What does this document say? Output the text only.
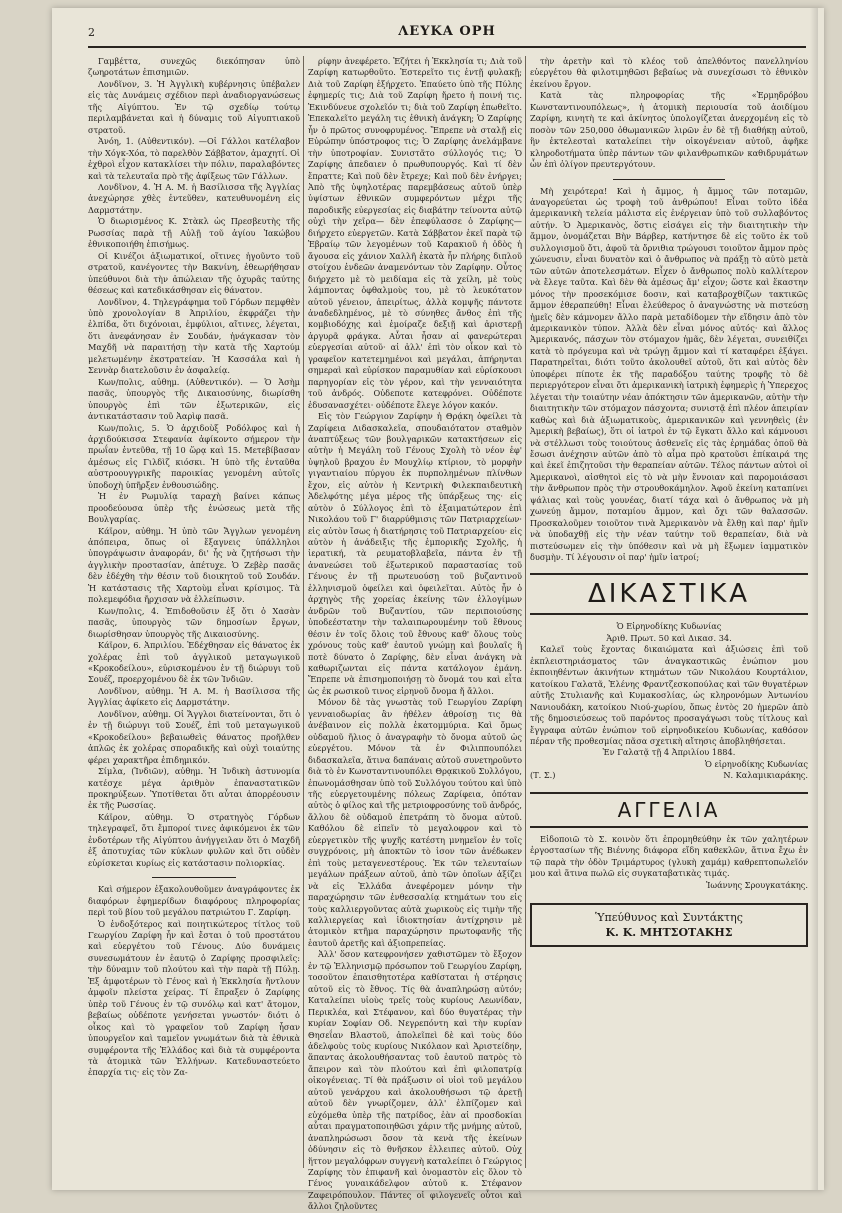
2	ΛΕΥΚΑ ΟΡΗ

Γαμβέττα, συνεχῶς διεκόπησαν ὑπὸ ζωηροτάτων ἐπισημιῶν.

Λονδῖνον, 3. Ἡ Ἀγγλικὴ κυβέρνησις ὑπέβαλεν εἰς τὰς Δυνάμεις σχέδιον περὶ ἀναδιοργανώσεως τῆς Αἰγύπτου. Ἐν τῷ σχεδίῳ τούτῳ περιλαμβάνεται καὶ ἡ δύναμις τοῦ Αἰγυπτιακοῦ στρατοῦ.

Ἀνόη, 1. (Αὐθεντικόν). —Οἱ Γάλλοι κατέλαβον τὴν Χόγκ-Χόα, τὸ παρελθὸν Σάββατον, ἀμαχητί. Οἱ ἐχθροὶ εἶχον κατακλίσει τὴν πόλιν, παραλαβόντες καὶ τὰ τελευταῖα πρὸ τῆς ἀφίξεως τῶν Γάλλων.

Λονδῖνον, 4. Ἡ Α. Μ. ἡ Βασίλισσα τῆς Ἀγγλίας ἀνεχώρησε χθὲς ἐντεῦθεν, κατευθυνομένη εἰς Δαρμστάτην.

Ὁ διωρισμένος Κ. Στὰκλ ὡς Πρεσβευτὴς τῆς Ρωσσίας παρὰ τῇ Αὐλῇ τοῦ ἁγίου Ἰακώβου ἐθνικοποιήθη ἐπισήμως.

Οἱ Κινέζοι ἀξιωματικοί, οἵτινες ἡγοῦντο τοῦ στρατοῦ, κανέγοντες τὴν Βακνίνη, ἐθεωρήθησαν ὑπεύθυνοι διὰ τὴν ἀπώλειαν τῆς ὀχυρᾶς ταύτης θέσεως καὶ κατεδικάσθησαν εἰς θάνατον.

Λονδῖνον, 4. Τηλεγράφημα τοῦ Γόρδων πεμφθὲν ὑπὸ χρονολογίαν 8 Ἀπριλίου, ἐκφράζει τὴν ἐλπίδα, ὅτι διχόνοιαι, ἐμφύλιοι, αἵτινες, λέγεται, ὅτι ἀνεφάνησαν ἐν Σουδάν, ἠνάγκασαν τὸν Μαχδῆ νὰ παραιτήσῃ τὴν κατὰ τῆς Χαρτούμ μελετωμένην ἐκστρατείαν. Ἡ Κασσάλα καὶ ἡ Σεννὰρ διατελοῦσιν ἐν ἀσφαλείᾳ.

Κων/πολις, αὐθημ. (Αὐθεντικόν). — Ὁ Ἀσὴμ πασᾶς, ὑπουργὸς τῆς Δικαιοσύνης, διωρίσθη ὑπουργὸς ἐπὶ τῶν ἐξωτερικῶν, εἰς ἀντικατάστασιν τοῦ Ἀαρὶφ πασᾶ.

Κων/πολις, 5. Ὁ ἀρχιδοὺξ Ροδόλφος καὶ ἡ ἀρχιδούκισσα Στεφανία ἀφίκοντο σήμερον τὴν πρωΐαν ἐντεῦθα, τῇ 10 ὥρᾳ καὶ 15. Μετεβίβασαν ἀμέσως εἰς Γιλδὶζ κιόσκι. Ἡ ὑπὸ τῆς ἐνταῦθα αὐστροουγγρικῆς παροικίας γενομένη αὐτοῖς ὑποδοχὴ ὑπῆρξεν ἐνθουσιώδης.

Ἡ ἐν Ρωμυλίᾳ ταραχὴ βαίνει κάπως προοδεύουσα ὑπὲρ τῆς ἑνώσεως μετὰ τῆς Βουλγαρίας.

Κάϊρον, αὐθημ. Ἡ ὑπὸ τῶν Ἄγγλων γενομένη ἀπόπειρα, ὅπως οἱ ἔξαγνεις ὑπάλληλοι ὑπογράψωσιν ἀναφοράν, δι' ἧς νὰ ζητήσωσι τὴν ἀγγλικὴν προστασίαν, ἀπέτυχε. Ὁ Ζεβὲρ πασᾶς δὲν ἐδέχθη τὴν θέσιν τοῦ διοικητοῦ τοῦ Σουδάν. Ἡ κατάστασις τῆς Χαρτοὺμ εἶναι κρίσιμος. Τὰ πολεμεφόδια ἤρχισαν νὰ ἐλλείπωσιν.

Κων/πολις, 4. Ἐπιδοθοῦσιν ἐξ ὅτι ὁ Χασὰν πασᾶς, ὑπουργὸς τῶν δημοσίων ἔργων, διωρίσθησαν ὑπουργὸς τῆς Δικαιοσύνης.

Κάϊρον, 6. Ἀπριλίου. Ἐδέχθησαν εἰς θάνατος ἐκ χολέρας ἐπὶ τοῦ ἀγγλικοῦ μεταγωγικοῦ «Κροκοδείλου», εὑρισκομένου ἐν τῇ διώρυγι τοῦ Σουέζ, προερχομένου δὲ ἐκ τῶν Ἰνδιῶν.

Λονδῖνον, αὐθημ. Ἡ Α. Μ. ἡ Βασίλισσα τῆς Ἀγγλίας ἀφίκετο εἰς Δαρμστάτην.

Λονδῖνον, αὐθημ. Οἱ Ἄγγλοι διατείνονται, ὅτι ὁ ἐν τῇ διώρυγι τοῦ Σουέζ, ἐπὶ τοῦ μεταγωγικοῦ «Κροκοδείλου» βεβαιωθεὶς θάνατος προῆλθεν ἁπλῶς ἐκ χολέρας σποραδικῆς καὶ οὐχὶ τοιαύτης φέρει χαρακτῆρα ἐπιδημικόν.

Σίμλα, (Ἰνδιῶν), αὐθημ. Ἡ Ἰνδικὴ ἀστυνομία κατέσχε μέγα ἀριθμὸν ἐπαναστατικῶν προκηρύξεων. Ὑποτίθεται ὅτι αὗται ἀπορρέουσιν ἐκ τῆς Ρωσσίας.

Κάϊρον, αὐθημ. Ὁ στρατηγὸς Γόρδων τηλεγραφεῖ, ὅτι ἔμποροί τινες ἀφικόμενοι ἐκ τῶν ἐνδοτέρων τῆς Αἰγύπτου ἀνήγγειλαν ὅτι ὁ Μαχδῆ ἐξ ἀποτυχίας τῶν κύκλων φυλῶν καὶ ὅτι οὐδὲν εὑρίσκεται κυρίως εἰς κατάστασιν πολιορκίας.

Καὶ σήμερον ἐξακολουθοῦμεν ἀναγράφοντες ἐκ διαφόρων ἐφημερίδων διαφόρους πληροφορίας περὶ τοῦ βίου τοῦ μεγάλου πατριώτου Γ. Ζαρίφη.

Ὁ ἐνδοξότερος καὶ ποιητικώτερος τίτλος τοῦ Γεωργίου Ζαρίφη ἦν καὶ ἔσται ὁ τοῦ προστάτου καὶ εὐεργέτου τοῦ Γένους. Δύο δυνάμεις συνεσωμάτουν ἐν ἑαυτῷ ὁ Ζαρίφης προσφιλεῖς: τὴν δύναμιν τοῦ πλούτου καὶ τὴν παρὰ τῇ Πύλῃ. Ἐξ ἀμφοτέρων τὸ Γένος καὶ ἡ Ἐκκλησία ἤντλουν ἀμφοῖν πλείστα χείρας. Τί ἔπραξεν ὁ Ζαρίφης ὑπὲρ τοῦ Γένους ἐν τῷ συνόλῳ καὶ κατ' ἄτομον, βεβαίως οὐδέποτε γενήσεται γνωστόν· διότι ὁ οἶκος καὶ τὸ γραφεῖον τοῦ Ζαρίφη ἦσαν ὑπουργεῖον καὶ ταμεῖον γνωμάτων διὰ τὰ ἐθνικὰ συμφέροντα τῆς Ἑλλάδος καὶ διὰ τὰ συμφέροντα τὰ ἀτομικὰ τῶν Ἑλλήνων. Κατεδυναστεύετο ἐπαρχία τις· εἰς τὸν Ζα-

ρίφην ἀνεφέρετο. Ἐζήτει ἡ Ἐκκλησία τι; Διὰ τοῦ Ζαρίφη κατωρθοῦτο. Ἐστερεῖτο τις ἐντῇ φυλακῇ; Διὰ τοῦ Ζαρίφη ἐξήρχετο. Ἐπαύετο ὑπὸ τῆς Πύλης ἐφημερίς τις; Διὰ τοῦ Ζαρίφη ἤρετο ἡ ποινή τις. Ἐκινδύνευε σχολεῖόν τι; διὰ τοῦ Ζαρίφη ἐπωθεῖτο. Ἐπεκαλεῖτο μεγάλη τις ἐθνικὴ ἀνάγκη; Ὁ Ζαρίφης ἦν ὁ πρῶτος συνοφρυμένος. Ἔπρεπε νὰ σταλῇ εἰς Εὐρώπην ὑπόστροφος τις; Ὁ Ζαρίφης ἀνελάμβανε τὴν ὑποτροφίαν. Συνιστᾶτο σύλλογός τις; Ὁ Ζαρίφης ἀπεδαιεν ὁ πρωθυπουργός. Καὶ τί δὲν ἔπραττε; Καὶ ποῦ δὲν ἔτρεχε; Καὶ ποῦ δὲν ἐνήργει; Ἀπὸ τῆς ὑψηλοτέρας παρεμβάσεως αὐτοῦ ὑπὲρ ὑψίστων ἐθνικῶν συμφερόντων μέχρι τῆς παροδικῆς εὐεργεσίας εἰς διαβάτην τείνοντα αὐτῷ οὐχὶ τὴν χεῖρα— δὲν ἐπεφύλασσε ὁ Ζαρίφης—διήρχετο εὐεργετῶν. Κατὰ Σάββατον ἑκεῖ παρὰ τῷ Ἑβραίῳ τῶν λεγομένων τοῦ Καρακιοῦ ἡ ὁδὸς ἡ ἄγουσα εἰς χάνιον Χαλλῆ ἑκατὰ ἦν πλήρης διπλοῦ στοίχου ἐνδεῶν ἀναμενόντων τὸν Ζαρίφην. Οὗτος διήρχετο μὲ τὸ μειδίαμα εἰς τὰ χείλη, μὲ τοὺς λάμποντας ὀφθαλμοὺς του, μὲ τὸ λευκότατον αὐτοῦ γένειον, ἀπειρίτως, ἀλλὰ κομψῆς πάντοτε ἀναδεδλημένος, μὲ τὸ σύνηθες ἄνθος ἐπὶ τῆς κομβιοδόχης καὶ ἐμοίραζε δεξιῇ καὶ ἀριστερῇ ἀργυρᾶ φράγκα. Αὗται ἦσαν αἱ φανερώτεραι εὐεργεσίαι αὐτοῦ· αἱ ἀλλ' ἐπὶ τὸν οἶκον καὶ τὸ γραφεῖον κατετεμημένοι καὶ μεγάλαι, ἀπήρηνται σημεραὶ καὶ εὑρίσκον παραμυθίαν καὶ εὐρίσκουσι παρηγορίαν εἰς τὸν γέρον, καὶ τὴν γενναιότητα τοῦ ἀνδρός. Οὐδεποτε κατεφρόνει. Οὐδέποτε ἐδυσανασχέτει· οὐδέποτε ἔλεγε λόγον κακόν.

Εἰς τὸν Γεώργιον Ζαρίφην ἡ Θρᾴκη ὀφείλει τὰ Ζαρίφεια Διδασκαλεῖα, σπουδαιότατον σταθμὸν ἀναπτύξεως τῶν βουλγαρικῶν κατακτήσεων εἰς αὐτὴν ἡ Μεγάλη τοῦ Γένους Σχολὴ τὸ νέον ἐφ' ὑψηλοῦ βραχου ἐν Μουχλίῳ κτίριον, τὸ μορφὴν γιγαντιαίου πύργου ἐκ πυρπολημένων πλίνθων ἔχον, εἰς αὐτὸν ἡ Κεντρικὴ Φιλεκπαιδευτικὴ Ἀδελφότης μέγα μέρος τῆς ὑπάρξεως της· εἰς αὐτὸν ὁ Σύλλογος ἐπὶ τὸ ἐξαιματώτερον ἐπὶ Νικολάου τοῦ Γ' διαρρύθμισις τῶν Πατριαρχείων· εἰς αὐτὸν ἴσως ἡ διατήρησις τοῦ Πατριαρχείου· εἰς αὐτὸν ἡ ἀνάδειξις τῆς ἐμπορικῆς Σχολῆς, ἡ ἱερατική, τὰ ρευματοβλαβεῖα, πάντα ἐν τῇ ἀνανεώσει τοῦ ἐξωτερικοῦ παραστασίας τοῦ Γένους ἐν τῇ πρωτευούσῃ τοῦ βυζαντινοῦ ἑλληνισμοῦ ὀφείλει καὶ ὀφειλεῖται. Αὐτὸς ἦν ὁ ἀρχηγὸς τῆς χορείας ἐκείνης τῶν ἐλλογίμων ἀνδρῶν τοῦ Βυζαντίου, τῶν περιποιούσης ὑποδεέστατην τὴν ταλαιπωρουμένην τοῦ ἔθνους θέσιν ἐν τοῖς ὅλοις τοῦ ἔθνους καθ' ὅλους τοὺς χρόνους τοὺς καθ' ἑαυτοῦ γνώμῃ καὶ βουλαῖς ἢ ποτὲ δύνατο ὁ Ζαρίφης, δὲν εἶναι ἀνάγκη νὰ καθωριζωνται εἰς πάντα κατάλογον ἐμάνη. Ἔπρεπε νὰ ἐπισημοποιήσῃ τὸ ὄνομά του καὶ εἶτα ὡς ἐκ ρωσικοῦ τινος εἰρηνοῦ ὄνομα ἤ ἄλλοι.

Μόνον δὲ τὰς γνωστὰς τοῦ Γεωργίου Ζαρίφη γενναιοδωρίας ἂν ἠθέλεν ἀθροίσῃ τις θὰ ἀνέβαινον εἰς πολλὰ ἑκατομμύρια. Καὶ ὅμως οὐδαμοῦ ἤλιος ὁ ἀναγραφὴν τὸ ὄνομα αὐτοῦ ὡς εὐεργέτου. Μόνον τὰ ἐν Φιλιππουπόλει διδασκαλεῖα, ἅτινα δαπάναις αὐτοῦ συνετηροῦντο διὰ τὸ ἐν Κωνσταντινουπόλει Θρᾳκικοῦ Συλλόγου, ἐπωνομάσθησαν ὑπὸ τοῦ Συλλόγου τούτου καὶ ὑπὸ τῆς εὐεργετουμένης πόλεως Ζαρίφεια, ὁπόταν αὐτὸς ὁ φίλος καὶ τῆς μετριοφροσύνης τοῦ ἀνδρός, ἄλλου δὲ οὐδαμοῦ ἐπετράπη τὸ ὄνομα αὐτοῦ. Καθόλου δὲ εἰπεῖν τὸ μεγαλοφρον καὶ τὸ εὐεργετικὸν τῆς ψυχῆς κατέστη μνημεῖον ἐν τοῖς συγχρόνοις, μὴ ἀποκτῶν τὸ ἰσον τῶν ἀνέδωκεν ἐπὶ τοὺς μεταγενεστέρους. Ἐκ τῶν τελευταίων μεγάλων πράξεων αὐτοῦ, ἀπὸ τῶν ὁποῖων ἀξίζει νὰ εἰς Ἑλλάδα ἀνεφέρομεν μόνην τὴν παραχώρησιν τῶν ἐνθεσσαλίᾳ κτημάτων του εἰς τοὺς καλλιεργοῦντας αὐτὰ χωρικοὺς εἰς τιμὴν τῆς καλλιεργείας καὶ ἰδιοκτησίαν ἀντίχρησιν μὲ ἀτομικὸν κτῆμα παραχώρησιν πρωτοφανῆς τῆς ἑαυτοῦ ἀρετῆς καὶ ἀξιοπρεπείας.

Ἀλλ' ὅσον κατεφρονήσεν χαθιστῶμεν τὸ ἔξοχον ἐν τῷ Ἑλληνισμῷ πρόσωπον τοῦ Γεωργίου Ζαρίφη, τοσοῦτον ἐπαισθητοτέρα καθίσταται ἡ στέρησις αὐτοῦ εἰς τὸ ἔθνος. Τίς θὰ ἀναπληρώσῃ αὐτόν; Καταλείπει υἱοὺς τρεῖς τοὺς κυρίους Λεωνίδαν, Περικλέα, καὶ Στέφανον, καὶ δύο θυγατέρας τὴν κυρίαν Σοφίαν Οδ. Νεγρεπόντη καὶ τὴν κυρίαν Θησεΐαν Βλαστοῦ, ἀπολεῖπεὶ δὲ καὶ τοὺς δύο ἀδελφοὺς τοὺς κυρίους Νικόλαον καὶ Ἀριστείδην, ἅπαντας ἀκολουθήσαντας τοῦ ἑαυτοῦ πατρὸς τὸ ἄπειρον καὶ τὸν πλούτου καὶ ἐπὶ φιλοπατρίᾳ οἰκογένειας. Τί θὰ πράξωσιν οἱ υἱοὶ τοῦ μεγάλου αὐτοῦ γενάρχου καὶ ἀκολουθήσωσι τῷ ἀρετῇ αὐτοῦ δὲν γνωρίζομεν, ἀλλ' ἐλπίζομεν καὶ εὐχόμεθα ὑπὲρ τῆς πατρίδος, ἐὰν αἱ προσδοκίαι αὗται πραγματοποιηθῶσι χάριν τῆς μνήμης αὐτοῦ, ἀναπληρώσωσι ὅσον τὰ κενὰ τῆς ἐκείνων ὀδύνησιν εἰς τὸ θνῆσκον ἐλλειπες αὐτοῦ. Οὐχ ἥττον μεγαλόφρων συγγενὴ καταλείπει ὁ Γεώργιος Ζαρίφης τὸν ἐπιφανῆ καὶ ὀνομαστὸν εἰς ὅλον τὸ Γένος γυναικάδελφον αὐτοῦ κ. Στέφανον Ζαφειρόπουλον. Πάντες οἱ φιλογενεῖς οὗτοι καὶ ἄλλοι ζηλοῦντες

τὴν ἀρετὴν καὶ τὸ κλέος τοῦ ἀπελθόντος πανελληνίου εὐεργέτου θὰ φιλοτιμηθῶσι βεβαίως νὰ συνεχίσωσι τὸ ἐθνικὸν ἐκείνου ἔργον.

Κατὰ τὰς πληροφορίας τῆς «Ἑρμηδρόβου Κωνσταντινουπόλεως», ἡ ἀτομικὴ περιουσία τοῦ ἀοιδίμου Ζαρίφη, κινητὴ τε καὶ ἀκίνητος ὑπολογίζεται ἀνερχομένη εἰς τὸ ποσὸν τῶν 250,000 ὀθωμανικῶν λιρῶν ἐν δὲ τῇ διαθήκῃ αὐτοῦ, ἣν ἐκτελεσταὶ καταλείπει τὴν οἰκογένειαν αὐτοῦ, ἀφῆκε κληροδοτήματα ὑπὲρ πάντων τῶν φιλανθρωπικῶν καθιδρυμάτων ὧν ἐπὶ ὀλίγον πρευτεργότουν.

Μὴ χειρότερα! Καὶ ἡ ἄμμος, ἡ ἄμμος τῶν ποταμῶν, ἀναγορεύεται ὡς τροφὴ τοῦ ἀνθρώπου! Εἶναι τοῦτο ἰδέα ἀμερικανικὴ τελεία μάλιστα εἰς ἐνέργειαν ὑπὸ τοῦ συλλαβόντος αὐτήν. Ὁ Ἀμερικανὸς, ὅστις εἰσάγει εἰς τὴν διαιτητικὴν τὴν ἄμμον, ὀνομάζεται Βὴν Βάρβερ, κατήντησε δὲ εἰς τοῦτο ἐκ τοῦ συλλογισμοῦ ὅτι, ἀφοῦ τὰ ὄρνιθια τρώγουσι τοιοῦτον ἄμμον πρὸς χώνευσιν, εἶναι δυνατὸν καὶ ὁ ἄνθρωπος νὰ πράξῃ τὸ αὐτὸ μετὰ τῶν αὐτῶν ἀποτελεσμάτων. Εἶχεν ὁ ἄνθρωπος πολὺ καλλίτερον νὰ ἔλεγε ταῦτα. Καὶ δὲν θὰ ἀμέσως ἄμ' εἶχον; ὥστε καὶ ἕκαστην μόνος τὴν προσεκόμισε δοσιν, καὶ καταβροχθίζων τακτικῶς ἄμμον ἐθεραπεύθη! Εἶναι ἐλεύθερος ὁ ἀναγνώστης νὰ πιστεύσῃ ἡμεῖς δὲν κάμνομεν ἄλλο παρὰ μεταδίδομεν τὴν εἴδησιν ἀπὸ τὸν ἀμερικανικὸν τύπον. Ἀλλὰ δὲν εἶναι μόνος αὐτός· καὶ ἄλλος Ἀμερικανός, πάσχων τὸν στόμαχον ἡμᾶς, δὲν λέγεται, συνειθίζει κατὰ τὸ πρόγευμα καὶ νὰ τρώγῃ ἄμμον καὶ τί καταφέρει ἐξάγει. Παρατηρεῖται, διότι τοῦτο ἀκολουθεῖ αὐτοῦ, ὅτι καὶ αὐτὸς δὲν ὑποφέρει πίποτε ἐκ τῆς παραδόξου ταύτης τροφῆς τὸ δὲ περιεργότερον εἶναι ὅτι ἀμερικανικὴ ἰατρικὴ ἐφημερὶς ἡ Ὑπερεχος λέγεται τὴν τοιαύτην νέαν ἀπόκτησιν τῶν ἀμερικανῶν, αὐτὴν τὴν διαιτητικὴν τῶν στόμαχον πάσχοντα; συνιστᾷ ἐπὶ πλέον ἀπειρίαν καθὼς καὶ διὰ ἀξιωματικοὺς, ἀμερικανικῶν καὶ γεννηθεὶς (ἐν Ἀμερικὴ βεβαίως), ὅτι οἱ ἰατροὶ ἐν τῷ ἔγκατι ἄλλο καὶ κάμνουσι νὰ στέλλωσι τοὺς τοιούτους ἀσθενεῖς εἰς τὰς ἐρημάδας ὁποῦ θὰ ἔσωσι ἀνέχησιν αὐτῶν ἀπὸ τὸ αἷμα πρὸ κρατοῦσι ἐπίκαιρά της καὶ ἐκεῖ ἐπιζητοῦσι τὴν θεραπείαν αὐτῶν. Τέλος πάντων αὐτοὶ οἱ Ἀμερικανοὶ, αἰσθητοὶ εἰς τὸ νὰ μὴν ἔννοιαν καὶ παρομοιάσασι τὴν ἄνθρωπον πρὸς τὴν στρουθοκάμηλον. Ἀφοῦ ἐκείνη καταπίνει ψάλιας καὶ τοὺς γουνέας, διατί τάχα καὶ ὁ ἄνθρωπος νὰ μὴ χωνεύῃ ἄμμον, ποταμίου ἄμμον, καὶ ὄχι τῶν θαλασσῶν. Προσκαλοῦμεν τοιοῦτον τινὰ Ἀμερικανὸν νὰ ἔλθῃ καὶ παρ' ἡμῖν νὰ ὑποδαχθῇ εἰς τὴν νέαν ταύτην τοῦ θεραπείαν, διὰ νὰ πιστεύσωμεν εἰς τὴν ὑπόθεσιν καὶ νὰ μὴ ἔξωμεν ἰαμματικὸν δυσμὴν. Τί λέγουσιν οἱ παρ' ἡμῖν ἰατροί;

ΔΙΚΑΣΤΙΚΑ

Ὁ Εἰρηνοδίκης Κυδωνίας

Ἀριθ. Πρωτ. 50 καὶ Δικασ. 34.

Καλεῖ τοὺς ἔχοντας δικαιώματα καὶ ἀξιώσεις ἐπὶ τοῦ ἐκπλειστηριάσματος τῶν ἀναγκαστικῶς ἐνώπιον μου ἐκποιηθέντων ἀκινήτων κτημάτων τῶν Νικολάου Κουρτάλιον, κατοίκου Γαλατᾶ, Ἑλένης Φραντζεσκοπούλας καὶ τῶν θυγατέρων αὐτῆς Στυλιανῆς καὶ Κυμακοσλίας, ὡς κληρονόμων Ἀντωνίου Νανιουδάκη, κατοίκου Νιού-χωρίου, ὅπως ἐντὸς 20 ἡμερῶν ἀπὸ τῆς δημοσιεύσεως τοῦ παρόντος προσαγάγωσι τοὺς τίτλους καὶ ἔγγραφα αὐτῶν ἐνώπιον τοῦ εἰρηνοδικείου Κυδωνίας, καθόσον πέραν τῆς προθεσμίας πᾶσα σχετικὴ αἴτησις ἀποβληθήσεται.

Ἐν Γαλατᾷ τῇ 4 Ἀπριλίου 1884.

Ὁ εἰρηνοδίκης Κυδωνίας

(Τ. Σ.)	Ν. Καλαμικιαράκης.

ΑΓΓΕΛΙΑ

Εἰδοποιῶ τὸ Σ. κοινὸν ὅτι ἐπρομηθεύθην ἐκ τῶν χαλητέρων ἐργοστασίων τῆς Βιέννης διάφορα εἴδη καθεκλῶν, ἅτινα ἔχω ἐν τῷ παρὰ τὴν ὁδὸν Τριμάρτυρος (γλυκὴ χαμάμ) καθρεπτοπωλεῖόν μου καὶ ἅτινα πωλῶ εἰς συγκαταβατικὰς τιμάς.

Ἰωάννης Σρουγκατάκης.

Ὑπεύθυνος καὶ Συντάκτης
Κ. Κ. ΜΗΤΣΟΤΑΚΗΣ
